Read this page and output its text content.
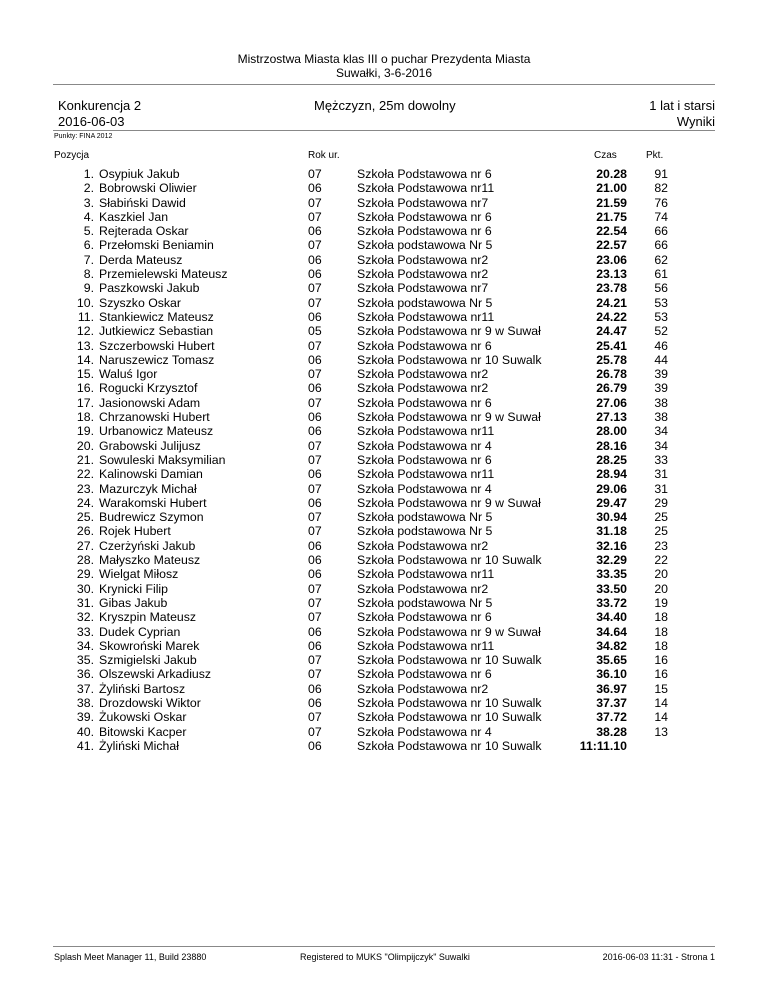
Mistrzostwa Miasta klas III o puchar Prezydenta Miasta
Suwałki, 3-6-2016
Konkurencja 2
2016-06-03
Mężczyzn, 25m dowolny	1 lat i starsi
Wyniki
Punkty: FINA 2012
Pozycja	Rok ur.	Czas	Pkt.
1. Osypiuk Jakub	07	Szkoła Podstawowa nr 6	20.28	91
2. Bobrowski Oliwier	06	Szkoła Podstawowa nr11	21.00	82
3. Słabiński Dawid	07	Szkoła Podstawowa nr7	21.59	76
4. Kaszkiel Jan	07	Szkoła Podstawowa nr 6	21.75	74
5. Rejterada Oskar	06	Szkoła Podstawowa nr 6	22.54	66
6. Przełomski Beniamin	07	Szkoła podstawowa Nr 5	22.57	66
7. Derda Mateusz	06	Szkoła Podstawowa nr2	23.06	62
8. Przemielewski Mateusz	06	Szkoła Podstawowa nr2	23.13	61
9. Paszkowski Jakub	07	Szkoła Podstawowa nr7	23.78	56
10. Szyszko Oskar	07	Szkoła podstawowa Nr 5	24.21	53
11. Stankiewicz Mateusz	06	Szkoła Podstawowa nr11	24.22	53
12. Jutkiewicz Sebastian	05	Szkoła Podstawowa nr 9 w Suwał	24.47	52
13. Szczerbowski Hubert	07	Szkoła Podstawowa nr 6	25.41	46
14. Naruszewicz Tomasz	06	Szkoła Podstawowa nr 10 Suwalk	25.78	44
15. Waluś Igor	07	Szkoła Podstawowa nr2	26.78	39
16. Rogucki Krzysztof	06	Szkoła Podstawowa nr2	26.79	39
17. Jasionowski Adam	07	Szkoła Podstawowa nr 6	27.06	38
18. Chrzanowski Hubert	06	Szkoła Podstawowa nr 9 w Suwał	27.13	38
19. Urbanowicz Mateusz	06	Szkoła Podstawowa nr11	28.00	34
20. Grabowski Julijusz	07	Szkoła Podstawowa nr 4	28.16	34
21. Sowuleski Maksymilian	07	Szkoła Podstawowa nr 6	28.25	33
22. Kalinowski Damian	06	Szkoła Podstawowa nr11	28.94	31
23. Mazurczyk Michał	07	Szkoła Podstawowa nr 4	29.06	31
24. Warakomski Hubert	06	Szkoła Podstawowa nr 9 w Suwał	29.47	29
25. Budrewicz Szymon	07	Szkoła podstawowa Nr 5	30.94	25
26. Rojek Hubert	07	Szkoła podstawowa Nr 5	31.18	25
27. Czerżyński Jakub	06	Szkoła Podstawowa nr2	32.16	23
28. Małyszko Mateusz	06	Szkoła Podstawowa nr 10 Suwalk	32.29	22
29. Wielgat Miłosz	06	Szkoła Podstawowa nr11	33.35	20
30. Krynicki Filip	07	Szkoła Podstawowa nr2	33.50	20
31. Gibas Jakub	07	Szkoła podstawowa Nr 5	33.72	19
32. Kryszpin Mateusz	07	Szkoła Podstawowa nr 6	34.40	18
33. Dudek Cyprian	06	Szkoła Podstawowa nr 9 w Suwał	34.64	18
34. Skowroński Marek	06	Szkoła Podstawowa nr11	34.82	18
35. Szmigielski Jakub	07	Szkoła Podstawowa nr 10 Suwalk	35.65	16
36. Olszewski Arkadiusz	07	Szkoła Podstawowa nr 6	36.10	16
37. Żyliński Bartosz	06	Szkoła Podstawowa nr2	36.97	15
38. Drozdowski Wiktor	06	Szkoła Podstawowa nr 10 Suwalk	37.37	14
39. Żukowski Oskar	07	Szkoła Podstawowa nr 10 Suwalk	37.72	14
40. Bitowski Kacper	07	Szkoła Podstawowa nr 4	38.28	13
41. Żyliński Michał	06	Szkoła Podstawowa nr 10 Suwalk	11:11.10
Splash Meet Manager 11, Build 23880	Registered to MUKS "Olimpijczyk" Suwalki	2016-06-03 11:31 - Strona 1
